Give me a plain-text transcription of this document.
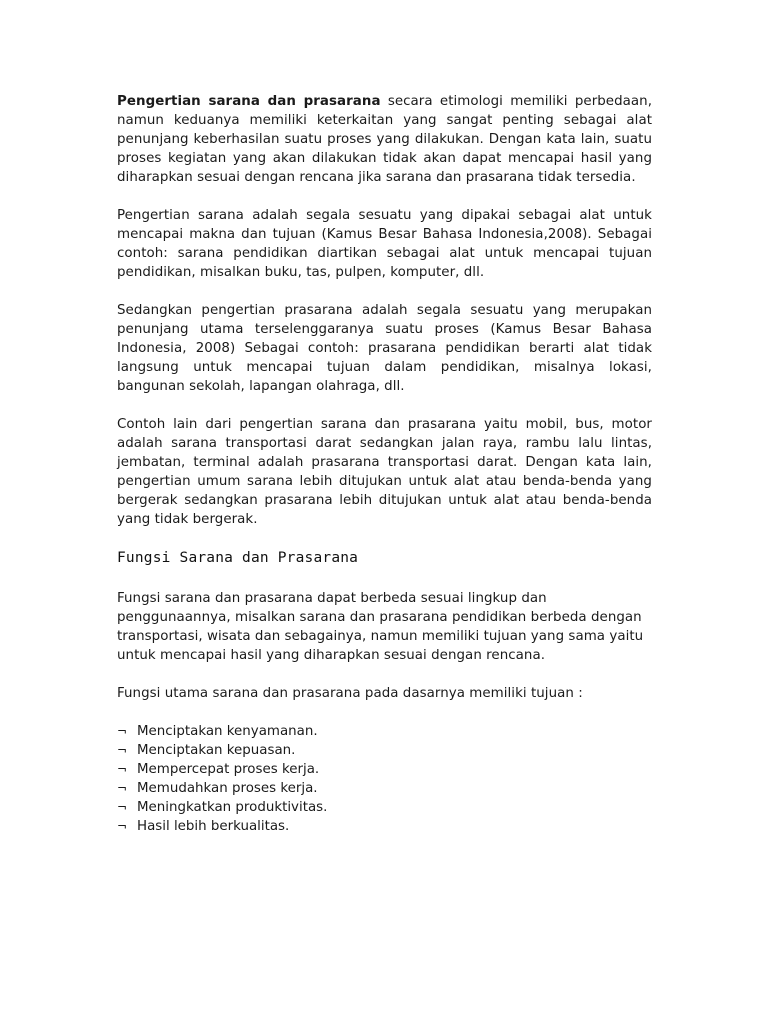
Pengertian sarana dan prasarana secara etimologi memiliki perbedaan, namun keduanya memiliki keterkaitan yang sangat penting sebagai alat penunjang keberhasilan suatu proses yang dilakukan. Dengan kata lain, suatu proses kegiatan yang akan dilakukan tidak akan dapat mencapai hasil yang diharapkan sesuai dengan rencana jika sarana dan prasarana tidak tersedia.

Pengertian sarana adalah segala sesuatu yang dipakai sebagai alat untuk mencapai makna dan tujuan (Kamus Besar Bahasa Indonesia,2008). Sebagai contoh: sarana pendidikan diartikan sebagai alat untuk mencapai tujuan pendidikan, misalkan buku, tas, pulpen, komputer, dll.

Sedangkan pengertian prasarana adalah segala sesuatu yang merupakan penunjang utama terselenggaranya suatu proses (Kamus Besar Bahasa Indonesia, 2008) Sebagai contoh: prasarana pendidikan berarti alat tidak langsung untuk mencapai tujuan dalam pendidikan, misalnya lokasi, bangunan sekolah, lapangan olahraga, dll.

Contoh lain dari pengertian sarana dan prasarana yaitu mobil, bus, motor adalah sarana transportasi darat sedangkan jalan raya, rambu lalu lintas, jembatan, terminal adalah prasarana transportasi darat. Dengan kata lain, pengertian umum sarana lebih ditujukan untuk alat atau benda-benda yang bergerak sedangkan prasarana lebih ditujukan untuk alat atau benda-benda yang tidak bergerak.

Fungsi Sarana dan Prasarana

Fungsi sarana dan prasarana dapat berbeda sesuai lingkup dan penggunaannya, misalkan sarana dan prasarana pendidikan berbeda dengan transportasi, wisata dan sebagainya, namun memiliki tujuan yang sama yaitu untuk mencapai hasil yang diharapkan sesuai dengan rencana.

Fungsi utama sarana dan prasarana pada dasarnya memiliki tujuan :

¬ Menciptakan kenyamanan.
¬ Menciptakan kepuasan.
¬ Mempercepat proses kerja.
¬ Memudahkan proses kerja.
¬ Meningkatkan produktivitas.
¬ Hasil lebih berkualitas.
